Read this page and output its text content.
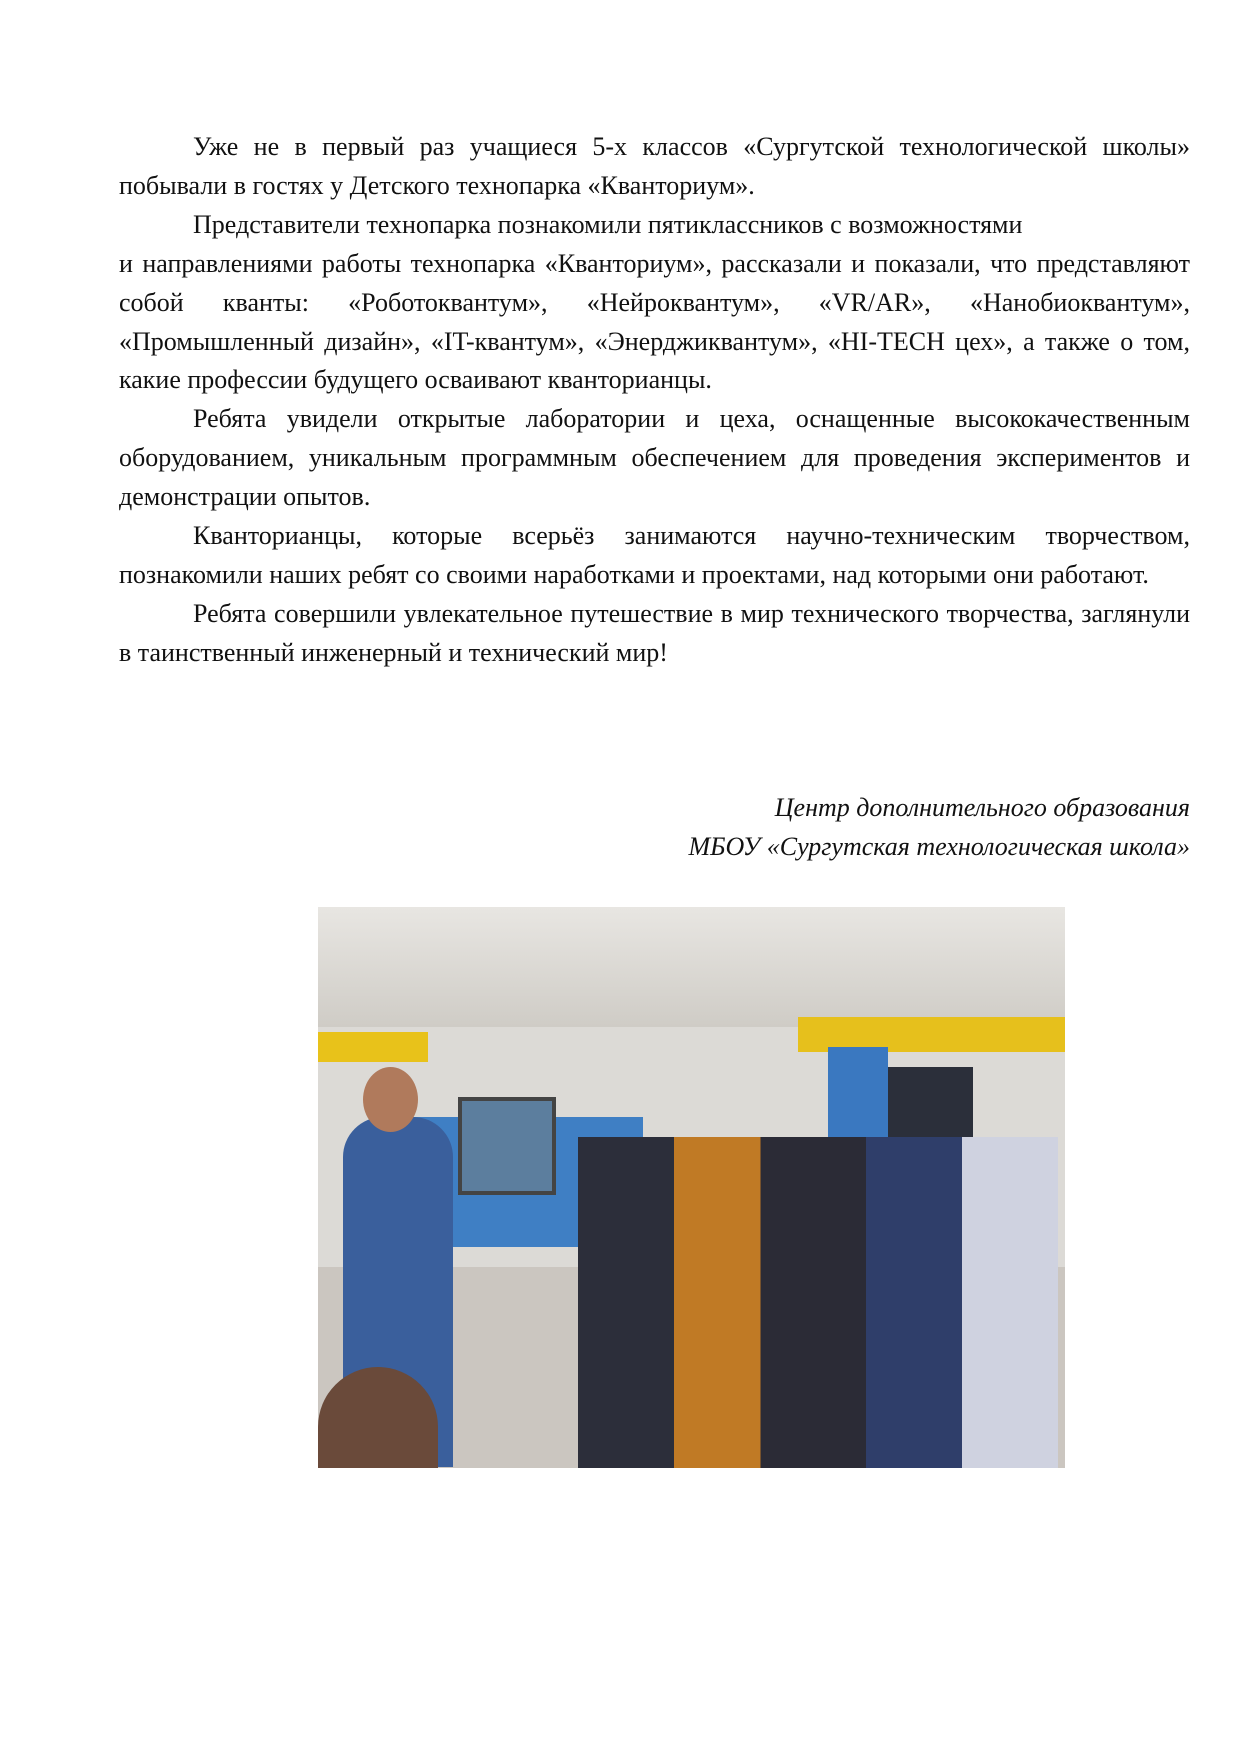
Уже не в первый раз учащиеся 5-х классов «Сургутской технологической школы» побывали в гостях у Детского технопарка «Кванториум».

Представители технопарка познакомили пятиклассников с возможностями

и направлениями работы технопарка «Кванториум», рассказали и показали, что представляют собой кванты: «Роботоквантум», «Нейроквантум», «VR/AR», «Нанобиоквантум», «Промышленный дизайн», «IT-квантум», «Энерджиквантум», «HI-TECH цех», а также о том, какие профессии будущего осваивают кванторианцы.

Ребята увидели открытые лаборатории и цеха, оснащенные высококачественным оборудованием, уникальным программным обеспечением для проведения экспериментов и демонстрации опытов.

Кванторианцы, которые всерьёз занимаются научно-техническим творчеством, познакомили наших ребят со своими наработками и проектами, над которыми они работают.

Ребята совершили увлекательное путешествие в мир технического творчества, заглянули в таинственный инженерный и технический мир!

Центр дополнительного образования
МБОУ «Сургутская технологическая школа»
